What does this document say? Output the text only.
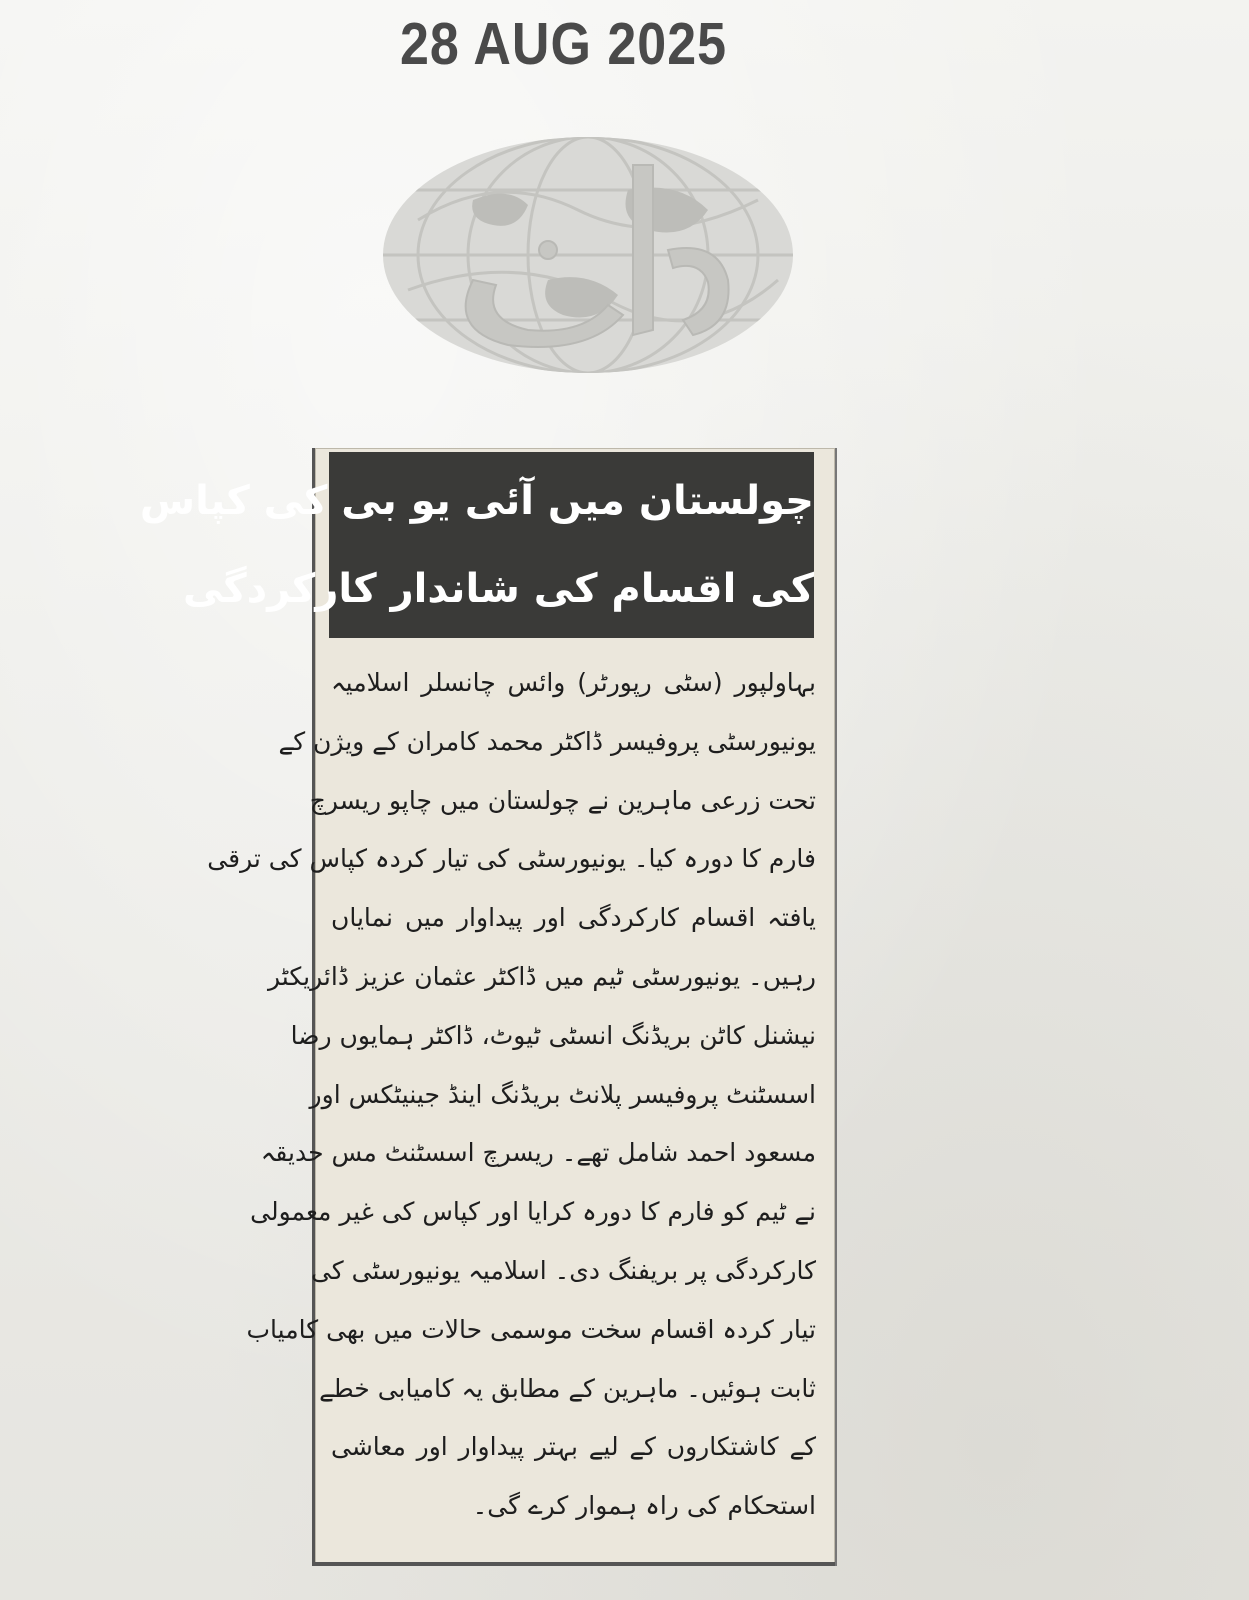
28 AUG 2025
چولستان میں آئی یو بی کی کپاس
کی اقسام کی شاندار کارکردگی
بہاولپور (سٹی رپورٹر) وائس چانسلر اسلامیہ
یونیورسٹی پروفیسر ڈاکٹر محمد کامران کے ویژن کے
تحت زرعی ماہرین نے چولستان میں چاپو ریسرچ
فارم کا دورہ کیا۔ یونیورسٹی کی تیار کردہ کپاس کی ترقی
یافتہ اقسام کارکردگی اور پیداوار میں نمایاں
رہیں۔ یونیورسٹی ٹیم میں ڈاکٹر عثمان عزیز ڈائریکٹر
نیشنل کاٹن بریڈنگ انسٹی ٹیوٹ، ڈاکٹر ہمایوں رضا
اسسٹنٹ پروفیسر پلانٹ بریڈنگ اینڈ جینیٹکس اور
مسعود احمد شامل تھے۔ ریسرچ اسسٹنٹ مس حدیقہ
نے ٹیم کو فارم کا دورہ کرایا اور کپاس کی غیر معمولی
کارکردگی پر بریفنگ دی۔ اسلامیہ یونیورسٹی کی
تیار کردہ اقسام سخت موسمی حالات میں بھی کامیاب
ثابت ہوئیں۔ ماہرین کے مطابق یہ کامیابی خطے
کے کاشتکاروں کے لیے بہتر پیداوار اور معاشی
استحکام کی راہ ہموار کرے گی۔
